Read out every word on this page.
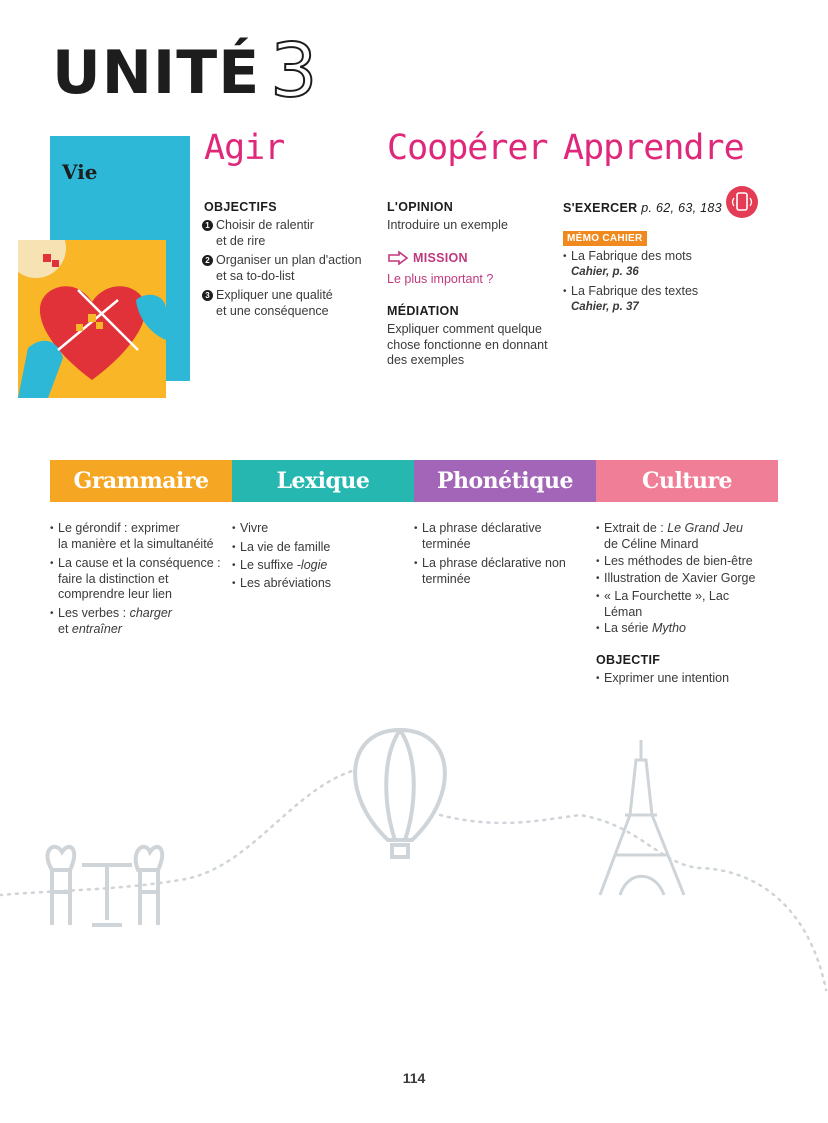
UNITÉ 3
Vie
Agir	Coopérer Apprendre
OBJECTIFS
1 Choisir de ralentir
et de rire
2 Organiser un plan d'action
et sa to-do-list
3 Expliquer une qualité
et une conséquence
L'OPINION
Introduire un exemple
MISSION
Le plus important ?
MÉDIATION
Expliquer comment quelque
chose fonctionne en donnant
des exemples
S'EXERCER p. 62, 63, 183
MÉMO CAHIER
• La Fabrique des mots
Cahier, p. 36
• La Fabrique des textes
Cahier, p. 37
Grammaire	Lexique	Phonétique	Culture
• Le gérondif : exprimer
la manière et la simultanéité
• La cause et la conséquence :
faire la distinction et
comprendre leur lien
• Les verbes : charger
et entraîner
• Vivre
• La vie de famille
• Le suffixe -logie
• Les abréviations
• La phrase déclarative
terminée
• La phrase déclarative non
terminée
• Extrait de : Le Grand Jeu
de Céline Minard
• Les méthodes de bien-être
• Illustration de Xavier Gorge
• « La Fourchette », Lac
Léman
• La série Mytho
OBJECTIF
• Exprimer une intention
114
